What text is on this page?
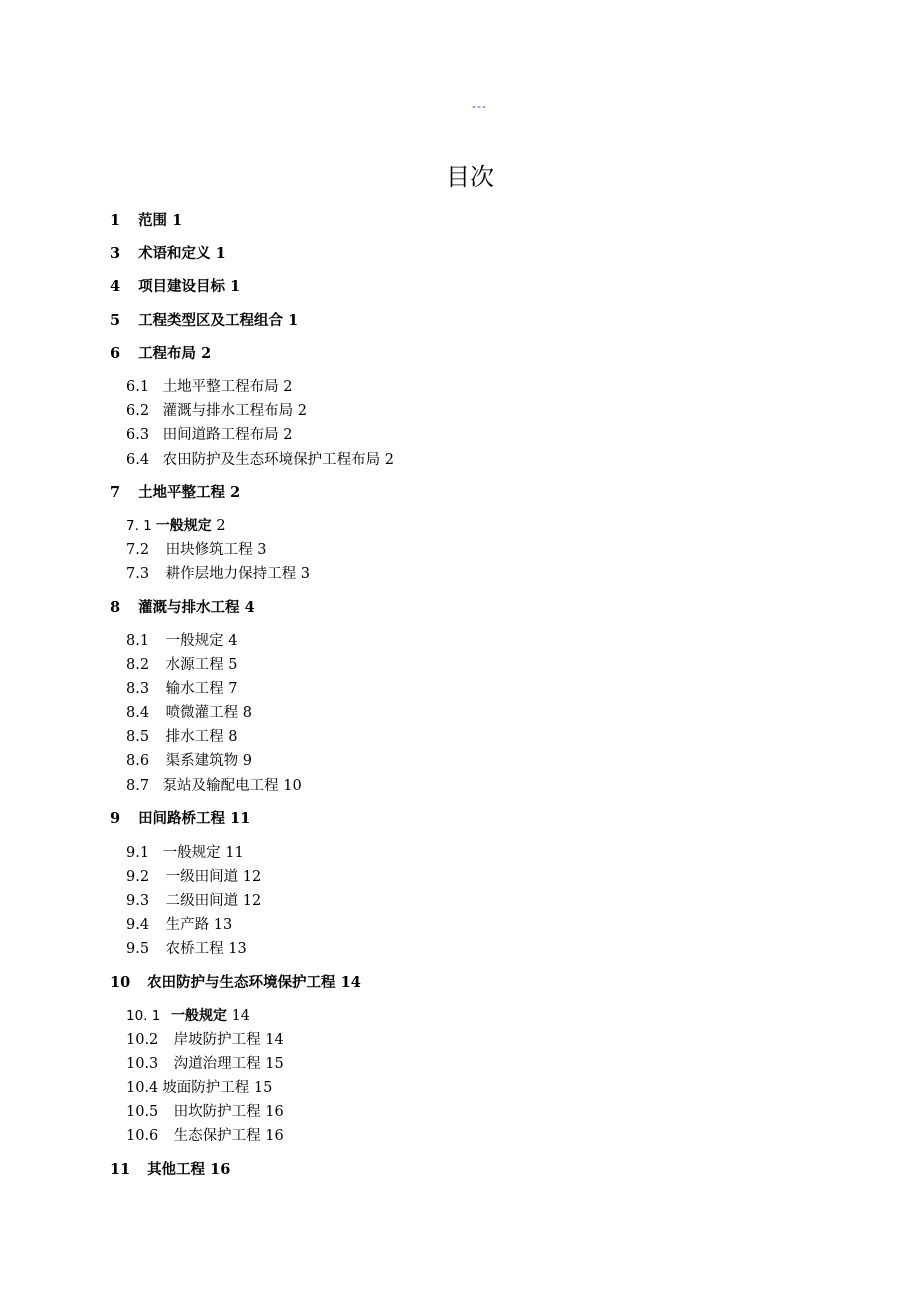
---
目次
1 范围 1
3 术语和定义 1
4 项目建设目标 1
5 工程类型区及工程组合 1
6 工程布局 2
6.1 土地平整工程布局 2
6.2 灌溉与排水工程布局 2
6.3 田间道路工程布局 2
6.4 农田防护及生态环境保护工程布局 2
7 土地平整工程 2
7. 1 一般规定 2
7.2 田块修筑工程 3
7.3 耕作层地力保持工程 3
8 灌溉与排水工程 4
8.1 一般规定 4
8.2 水源工程 5
8.3 输水工程 7
8.4 喷微灌工程 8
8.5 排水工程 8
8.6 渠系建筑物 9
8.7 泵站及输配电工程 10
9 田间路桥工程 11
9.1 一般规定 11
9.2 一级田间道 12
9.3 二级田间道 12
9.4 生产路 13
9.5 农桥工程 13
10 农田防护与生态环境保护工程 14
10. 1 一般规定 14
10.2 岸坡防护工程 14
10.3 沟道治理工程 15
10.4 坡面防护工程 15
10.5 田坎防护工程 16
10.6 生态保护工程 16
11 其他工程 16
